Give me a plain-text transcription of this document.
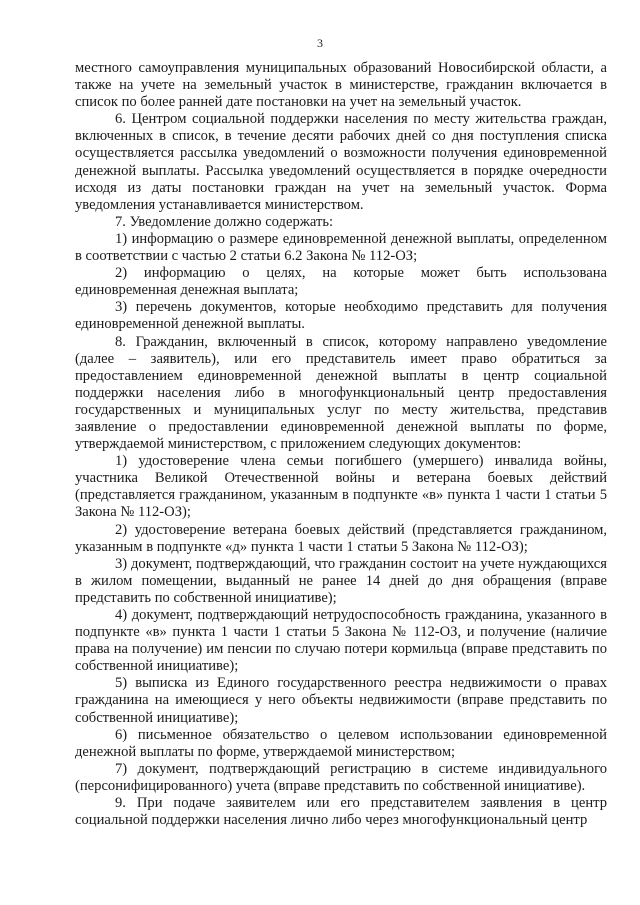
3

местного самоуправления муниципальных образований Новосибирской области, а также на учете на земельный участок в министерстве, гражданин включается в список по более ранней дате постановки на учет на земельный участок.

6. Центром социальной поддержки населения по месту жительства граждан, включенных в список, в течение десяти рабочих дней со дня поступления списка осуществляется рассылка уведомлений о возможности получения единовременной денежной выплаты. Рассылка уведомлений осуществляется в порядке очередности исходя из даты постановки граждан на учет на земельный участок. Форма уведомления устанавливается министерством.

7. Уведомление должно содержать:

1) информацию о размере единовременной денежной выплаты, определенном в соответствии с частью 2 статьи 6.2 Закона № 112-ОЗ;

2) информацию о целях, на которые может быть использована единовременная денежная выплата;

3) перечень документов, которые необходимо представить для получения единовременной денежной выплаты.

8. Гражданин, включенный в список, которому направлено уведомление (далее – заявитель), или его представитель имеет право обратиться за предоставлением единовременной денежной выплаты в центр социальной поддержки населения либо в многофункциональный центр предоставления государственных и муниципальных услуг по месту жительства, представив заявление о предоставлении единовременной денежной выплаты по форме, утверждаемой министерством, с приложением следующих документов:

1) удостоверение члена семьи погибшего (умершего) инвалида войны, участника Великой Отечественной войны и ветерана боевых действий (представляется гражданином, указанным в подпункте «в» пункта 1 части 1 статьи 5 Закона № 112-ОЗ);

2) удостоверение ветерана боевых действий (представляется гражданином, указанным в подпункте «д» пункта 1 части 1 статьи 5 Закона № 112-ОЗ);

3) документ, подтверждающий, что гражданин состоит на учете нуждающихся в жилом помещении, выданный не ранее 14 дней до дня обращения (вправе представить по собственной инициативе);

4) документ, подтверждающий нетрудоспособность гражданина, указанного в подпункте «в» пункта 1 части 1 статьи 5 Закона № 112-ОЗ, и получение (наличие права на получение) им пенсии по случаю потери кормильца (вправе представить по собственной инициативе);

5) выписка из Единого государственного реестра недвижимости о правах гражданина на имеющиеся у него объекты недвижимости (вправе представить по собственной инициативе);

6) письменное обязательство о целевом использовании единовременной денежной выплаты по форме, утверждаемой министерством;

7) документ, подтверждающий регистрацию в системе индивидуального (персонифицированного) учета (вправе представить по собственной инициативе).

9. При подаче заявителем или его представителем заявления в центр социальной поддержки населения лично либо через многофункциональный центр
